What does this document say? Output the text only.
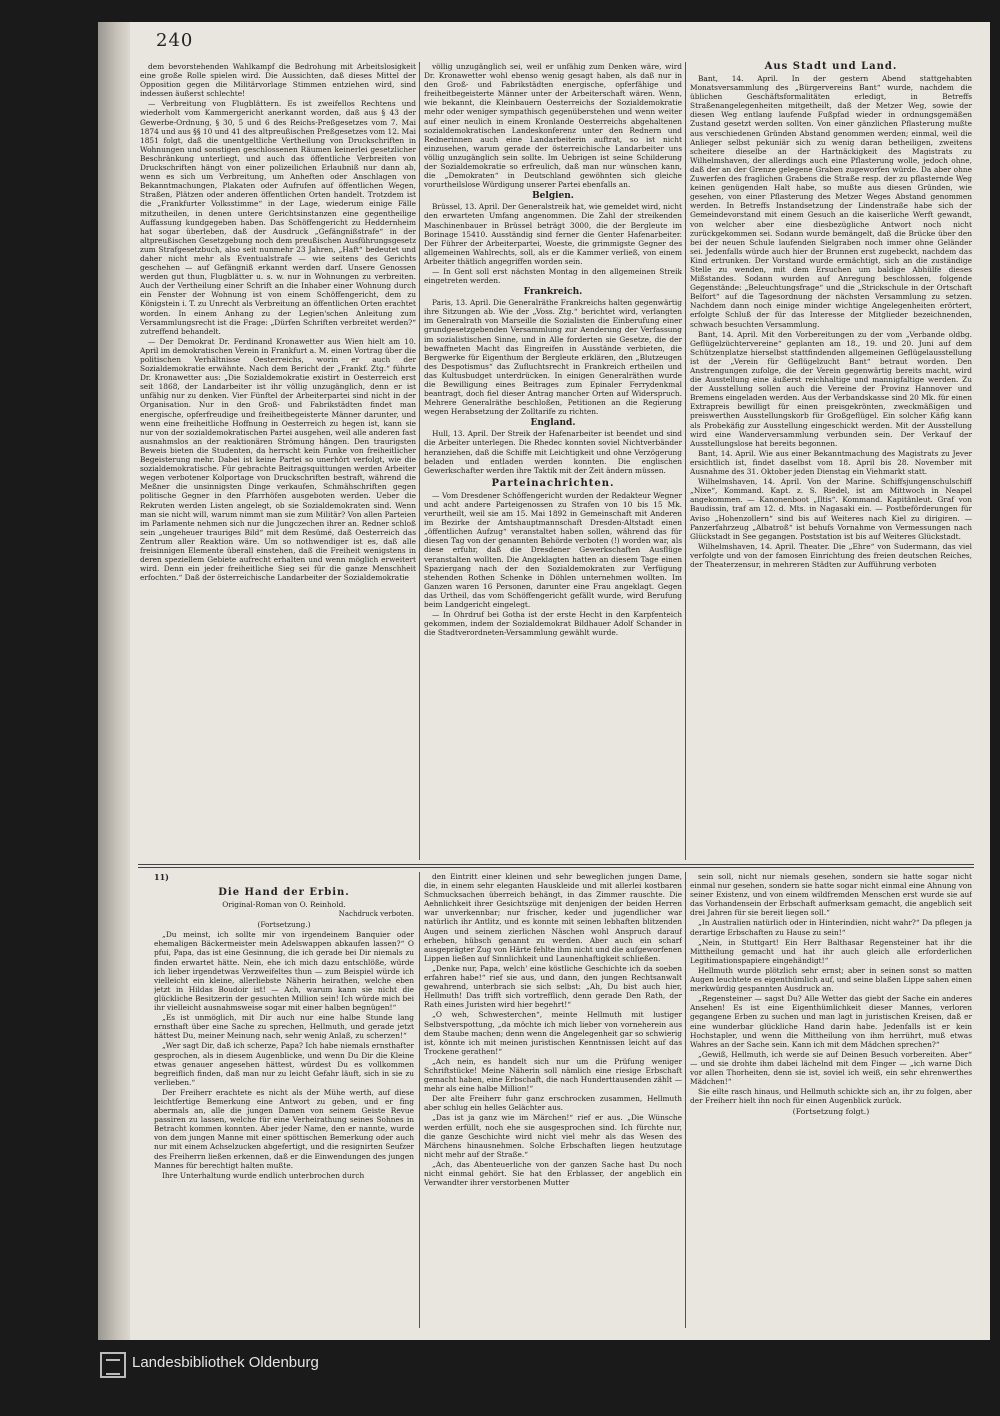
240

dem bevorstehenden Wahlkampf die Bedrohung mit Arbeitslosigkeit eine große Rolle spielen wird. Die Aussichten, daß dieses Mittel der Opposition gegen die Militärvorlage Stimmen entziehen wird, sind indessen äußerst schlechte!

— Verbreitung von Flugblättern. Es ist zweifellos Rechtens und wiederholt vom Kammergericht anerkannt worden, daß aus § 43 der Gewerbe-Ordnung, § 30, 5 und 6 des Reichs-Preßgesetzes vom 7. Mai 1874 und aus §§ 10 und 41 des altpreußischen Preßgesetzes vom 12. Mai 1851 folgt, daß die unentgeltliche Vertheilung von Druckschriften in Wohnungen und sonstigen geschlossenen Räumen keinerlei gesetzlicher Beschränkung unterliegt, und auch das öffentliche Verbreiten von Druckschriften hängt von einer polizeilichen Erlaubniß nur dann ab, wenn es sich um Verbreitung, um Anheften oder Anschlagen von Bekanntmachungen, Plakaten oder Aufrufen auf öffentlichen Wegen, Straßen, Plätzen oder anderen öffentlichen Orten handelt. Trotzdem ist die „Frankfurter Volksstimme“ in der Lage, wiederum einige Fälle mitzutheilen, in denen untere Gerichtsinstanzen eine gegentheilige Auffassung kundgegeben haben. Das Schöffengericht zu Heddernheim hat sogar überleben, daß der Ausdruck „Gefängnißstrafe“ in der altpreußischen Gesetzgebung noch dem preußischen Ausführungsgesetz zum Strafgesetzbuch, also seit nunmehr 23 Jahren, „Haft“ bedeutet und daher nicht mehr als Eventualstrafe — wie seitens des Gerichts geschehen — auf Gefängniß erkannt werden darf. Unsere Genossen werden gut thun, Flugblätter u. s. w. nur in Wohnungen zu verbreiten. Auch der Vertheilung einer Schrift an die Inhaber einer Wohnung durch ein Fenster der Wohnung ist von einem Schöffengericht, dem zu Königstein i. T. zu Unrecht als Verbreitung an öffentlichen Orten erachtet worden. In einem Anhang zu der Legien'schen Anleitung zum Versammlungsrecht ist die Frage: „Dürfen Schriften verbreitet werden?“ zutreffend behandelt.

— Der Demokrat Dr. Ferdinand Kronawetter aus Wien hielt am 10. April im demokratischen Verein in Frankfurt a. M. einen Vortrag über die politischen Verhältnisse Oesterreichs, worin er auch der Sozialdemokratie erwähnte. Nach dem Bericht der „Frankf. Ztg.“ führte Dr. Kronawetter aus: „Die Sozialdemokratie existirt in Oesterreich erst seit 1868, der Landarbeiter ist ihr völlig unzugänglich, denn er ist unfähig nur zu denken. Vier Fünftel der Arbeiterpartei sind nicht in der Organisation. Nur in den Groß- und Fabrikstädten findet man energische, opferfreudige und freiheitbegeisterte Männer darunter, und wenn eine freiheitliche Hoffnung in Oesterreich zu hegen ist, kann sie nur von der sozialdemokratischen Partei ausgehen, weil alle anderen fast ausnahmslos an der reaktionären Strömung hängen. Den traurigsten Beweis bieten die Studenten, da herrscht kein Funke von freiheitlicher Begeisterung mehr. Dabei ist keine Partei so unerhört verfolgt, wie die sozialdemokratische. Für gebrachte Beitragsquittungen werden Arbeiter wegen verbotener Kolportage von Druckschriften bestraft, während die Meßner die unsinnigsten Dinge verkaufen, Schmähschriften gegen politische Gegner in den Pfarrhöfen ausgeboten werden. Ueber die Rekruten werden Listen angelegt, ob sie Sozialdemokraten sind. Wenn man sie nicht will, warum nimmt man sie zum Militär? Von allen Parteien im Parlamente nehmen sich nur die Jungczechen ihrer an. Redner schloß sein „ungeheuer trauriges Bild“ mit dem Resümé, daß Oesterreich das Zentrum aller Reaktion wäre. Um so nothwendiger ist es, daß alle freisinnigen Elemente überall einstehen, daß die Freiheit wenigstens in deren speziellem Gebiete aufrecht erhalten und wenn möglich erweitert wird. Denn ein jeder freiheitliche Sieg sei für die ganze Menschheit erfochten.“ Daß der österreichische Landarbeiter der Sozialdemokratie

völlig unzugänglich sei, weil er unfähig zum Denken wäre, wird Dr. Kronawetter wohl ebenso wenig gesagt haben, als daß nur in den Groß- und Fabrikstädten energische, opferfähige und freiheitbegeisterte Männer unter der Arbeiterschaft wären. Wenn, wie bekannt, die Kleinbauern Oesterreichs der Sozialdemokratie mehr oder weniger sympathisch gegenüberstehen und wenn weiter auf einer neulich in einem Kronlande Oesterreichs abgehaltenen sozialdemokratischen Landeskonferenz unter den Rednern und Rednerinnen auch eine Landarbeiterin auftrat, so ist nicht einzusehen, warum gerade der österreichische Landarbeiter uns völlig unzugänglich sein sollte. Im Uebrigen ist seine Schilderung der Sozialdemokratie so erfreulich, daß man nur wünschen kann, die „Demokraten“ in Deutschland gewöhnten sich gleiche vorurtheilslose Würdigung unserer Partei ebenfalls an.

Belgien.

Brüssel, 13. April. Der Generalstreik hat, wie gemeldet wird, nicht den erwarteten Umfang angenommen. Die Zahl der streikenden Maschinenbauer in Brüssel beträgt 3000, die der Bergleute im Borinage 15410. Ausständig sind ferner die Genter Hafenarbeiter. Der Führer der Arbeiterpartei, Woeste, die grimmigste Gegner des allgemeinen Wahlrechts, soll, als er die Kammer verließ, von einem Arbeiter thätlich angegriffen worden sein.

— In Gent soll erst nächsten Montag in den allgemeinen Streik eingetreten werden.

Frankreich.

Paris, 13. April. Die Generalräthe Frankreichs halten gegenwärtig ihre Sitzungen ab. Wie der „Voss. Ztg.“ berichtet wird, verlangten im Generalrath von Marseille die Sozialisten die Einberufung einer grundgesetzgebenden Versammlung zur Aenderung der Verfassung im sozialistischen Sinne, und in Alle forderten sie Gesetze, die der bewaffneten Macht das Eingreifen in Ausstände verbieten, die Bergwerke für Eigenthum der Bergleute erklären, den „Blutzeugen des Despotismus“ das Zufluchtsrecht in Frankreich ertheilen und das Kultusbudget unterdrücken. In einigen Generalräthen wurde die Bewilligung eines Beitrages zum Epinaler Ferrydenkmal beantragt, doch fiel dieser Antrag mancher Orten auf Widerspruch. Mehrere Generalräthe beschloßen, Petitionen an die Regierung wegen Herabsetzung der Zolltarife zu richten.

England.

Hull, 13. April. Der Streik der Hafenarbeiter ist beendet und sind die Arbeiter unterlegen. Die Rhedec konnten soviel Nichtverbänder heranziehen, daß die Schiffe mit Leichtigkeit und ohne Verzögerung beladen und entladen werden konnten. Die englischen Gewerkschafter werden ihre Taktik mit der Zeit ändern müssen.

Parteinachrichten.

— Vom Dresdener Schöffengericht wurden der Redakteur Wegner und acht andere Parteigenossen zu Strafen von 10 bis 15 Mk. verurtheilt, weil sie am 15. Mai 1892 in Gemeinschaft mit Anderen im Bezirke der Amtshauptmannschaft Dresden-Altstadt einen „öffentlichen Aufzug“ veranstaltet haben sollen, während das für diesen Tag von der genannten Behörde verboten (!) worden war, als diese erfuhr, daß die Dresdener Gewerkschaften Ausflüge veranstalten wollten. Die Angeklagten hatten an diesem Tage einen Spaziergang nach der den Sozialdemokraten zur Verfügung stehenden Rothen Schenke in Döhlen unternehmen wollten. Im Ganzen waren 16 Personen, darunter eine Frau angeklagt. Gegen das Urtheil, das vom Schöffengericht gefällt wurde, wird Berufung beim Landgericht eingelegt.

— In Ohrdruf bei Gotha ist der erste Hecht in den Karpfenteich gekommen, indem der Sozialdemokrat Bildhauer Adolf Schander in die Stadtverordneten-Versammlung gewählt wurde.

Aus Stadt und Land.

Bant, 14. April. In der gestern Abend stattgehabten Monatsversammlung des „Bürgervereins Bant“ wurde, nachdem die üblichen Geschäftsformalitäten erledigt, in Betreffs Straßenangelegenheiten mitgetheilt, daß der Metzer Weg, sowie der diesen Weg entlang laufende Fußpfad wieder in ordnungsgemäßen Zustand gesetzt werden sollten. Von einer gänzlichen Pflasterung mußte aus verschiedenen Gründen Abstand genommen werden; einmal, weil die Anlieger selbst pekuniär sich zu wenig daran betheiligen, zweitens scheitere dieselbe an der Hartnäckigkeit des Magistrats zu Wilhelmshaven, der allerdings auch eine Pflasterung wolle, jedoch ohne, daß der an der Grenze gelegene Graben zugeworfen würde. Da aber ohne Zuwerfen des fraglichen Grabens die Straße resp. der zu pflasternde Weg keinen genügenden Halt habe, so mußte aus diesen Gründen, wie gesehen, von einer Pflasterung des Metzer Weges Abstand genommen werden. In Betreffs Instandsetzung der Lindenstraße habe sich der Gemeindevorstand mit einem Gesuch an die kaiserliche Werft gewandt, von welcher aber eine diesbezügliche Antwort noch nicht zurückgekommen sei. Sodann wurde bemängelt, daß die Brücke über den bei der neuen Schule laufenden Sielgraben noch immer ohne Geländer sei. Jedenfalls würde auch hier der Brunnen erst zugebeckt, nachdem das Kind ertrunken. Der Vorstand wurde ermächtigt, sich an die zuständige Stelle zu wenden, mit dem Ersuchen um baldige Abhülfe dieses Mißstandes. Sodann wurden auf Anregung beschlossen, folgende Gegenstände: „Beleuchtungsfrage“ und die „Strickschule in der Ortschaft Belfort“ auf die Tagesordnung der nächsten Versammlung zu setzen. Nachdem dann noch einige minder wichtige Angelegenheiten erörtert, erfolgte Schluß der für das Interesse der Mitglieder bezeichnenden, schwach besuchten Versammlung.

Bant, 14. April. Mit den Vorbereitungen zu der vom „Verbande oldbg. Geflügelzüchtervereine“ geplanten am 18., 19. und 20. Juni auf dem Schützenplatze hierselbst stattfindenden allgemeinen Geflügelausstellung ist der „Verein für Geflügelzucht Bant“ betraut worden. Den Anstrengungen zufolge, die der Verein gegenwärtig bereits macht, wird die Ausstellung eine äußerst reichhaltige und mannigfaltige werden. Zu der Ausstellung sollen auch die Vereine der Provinz Hannover und Bremens eingeladen werden. Aus der Verbandskasse sind 20 Mk. für einen Extrapreis bewilligt für einen preisgekrönten, zweckmäßigen und preiswerthen Ausstellungskorb für Großgeflügel. Ein solcher Käfig kann als Probekäfig zur Ausstellung eingeschickt werden. Mit der Ausstellung wird eine Wanderversammlung verbunden sein. Der Verkauf der Ausstellungslose hat bereits begonnen.

Bant, 14. April. Wie aus einer Bekanntmachung des Magistrats zu Jever ersichtlich ist, findet daselbst vom 18. April bis 28. November mit Ausnahme des 31. Oktober jeden Dienstag ein Viehmarkt statt.

Wilhelmshaven, 14. April. Von der Marine. Schiffsjungenschulschiff „Nixe“, Kommand. Kapt. z. S. Riedel, ist am Mittwoch in Neapel angekommen. — Kanonenboot „Iltis“. Kommand. Kapitänleut. Graf von Baudissin, traf am 12. d. Mts. in Nagasaki ein. — Postbeförderungen für Aviso „Hohenzollern“ sind bis auf Weiteres nach Kiel zu dirigiren. — Panzerfahrzeug „Albatroß“ ist behufs Vornahme von Vermessungen nach Glückstadt in See gegangen. Poststation ist bis auf Weiteres Glückstadt.

Wilhelmshaven, 14. April. Theater. Die „Ehre“ von Sudermann, das viel verfolgte und von der famosen Einrichtung des freien deutschen Reiches, der Theaterzensur, in mehreren Städten zur Aufführung verboten

11)
Die Hand der Erbin.
Original-Roman von O. Reinhold.
Nachdruck verboten.
(Fortsetzung.)

„Du meinst, ich sollte mir von irgendeinem Banquier oder ehemaligen Bäckermeister mein Adelswappen abkaufen lassen?“ O pfui, Papa, das ist eine Gesinnung, die ich gerade bei Dir niemals zu finden erwartet hätte. Nein, ehe ich mich dazu entschlöße, würde ich lieber irgendetwas Verzweifeltes thun — zum Beispiel würde ich vielleicht ein kleine, allerliebste Näherin heirathen, welche eben jetzt in Hildas Boudoir ist! — Ach, warum kann sie nicht die glückliche Besitzerin der gesuchten Million sein! Ich würde mich bei ihr vielleicht ausnahmsweise sogar mit einer halben begnügen!“

„Es ist unmöglich, mit Dir auch nur eine halbe Stunde lang ernsthaft über eine Sache zu sprechen, Hellmuth, und gerade jetzt hättest Du, meiner Meinung nach, sehr wenig Anlaß, zu scherzen!“

„Wer sagt Dir, daß ich scherze, Papa? Ich habe niemals ernsthafter gesprochen, als in diesem Augenblicke, und wenn Du Dir die Kleine etwas genauer angesehen hättest, würdest Du es vollkommen begreiflich finden, daß man nur zu leicht Gefahr läuft, sich in sie zu verlieben.“

Der Freiherr erachtete es nicht als der Mühe werth, auf diese leichtfertige Bemerkung eine Antwort zu geben, und er fing abermals an, alle die jungen Damen von seinem Geiste Revue passiren zu lassen, welche für eine Verheirathung seines Sohnes in Betracht kommen konnten. Aber jeder Name, den er nannte, wurde von dem jungen Manne mit einer spöttischen Bemerkung oder auch nur mit einem Achselzucken abgefertigt, und die resignirten Seufzer des Freiherrn ließen erkennen, daß er die Einwendungen des jungen Mannes für berechtigt halten mußte.

Ihre Unterhaltung wurde endlich unterbrochen durch

den Eintritt einer kleinen und sehr beweglichen jungen Dame, die, in einem sehr eleganten Hauskleide und mit allerlei kostbaren Schmucksachen überreich behängt, in das Zimmer rauschte. Die Aehnlichkeit ihrer Gesichtszüge mit denjenigen der beiden Herren war unverkennbar; nur frischer, keder und jugendlicher war natürlich ihr Antlitz, und es konnte mit seinen lebhaften blitzenden Augen und seinem zierlichen Näschen wohl Anspruch darauf erheben, hübsch genannt zu werden. Aber auch ein scharf ausgeprägter Zug von Härte fehlte ihm nicht und die aufgeworfenen Lippen ließen auf Sinnlichkeit und Launenhaftigkeit schließen.

„Denke nur, Papa, welch' eine köstliche Geschichte ich da soeben erfahren habe!“ rief sie aus, und dann, den jungen Rechtsanwalt gewahrend, unterbrach sie sich selbst: „Ah, Du bist auch hier, Hellmuth! Das trifft sich vortrefflich, denn gerade Den Rath, der Rath eines Juristen wird hier begehrt!“

„O weh, Schwesterchen“, meinte Hellmuth mit lustiger Selbstverspottung, „da möchte ich mich lieber von vorneherein aus dem Staube machen; denn wenn die Angelegenheit gar so schwierig ist, könnte ich mit meinen juristischen Kenntnissen leicht auf das Trockene gerathen!“

„Ach nein, es handelt sich nur um die Prüfung weniger Schriftstücke! Meine Näherin soll nämlich eine riesige Erbschaft gemacht haben, eine Erbschaft, die nach Hunderttausenden zählt — mehr als eine halbe Million!“

Der alte Freiherr fuhr ganz erschrocken zusammen, Hellmuth aber schlug ein helles Gelächter aus.

„Das ist ja ganz wie im Märchen!“ rief er aus. „Die Wünsche werden erfüllt, noch ehe sie ausgesprochen sind. Ich fürchte nur, die ganze Geschichte wird nicht viel mehr als das Wesen des Märchens hinausnehmen. Solche Erbschaften liegen heutzutage nicht mehr auf der Straße.“

„Ach, das Abenteuerliche von der ganzen Sache hast Du noch nicht einmal gehört. Sie hat den Erblasser, der angeblich ein Verwandter ihrer verstorbenen Mutter

sein soll, nicht nur niemals gesehen, sondern sie hatte sogar nicht einmal nur gesehen, sondern sie hatte sogar nicht einmal eine Ahnung von seiner Existenz, und von einem wildfremden Menschen erst wurde sie auf das Vorhandensein der Erbschaft aufmerksam gemacht, die angeblich seit drei Jahren für sie bereit liegen soll.“

„In Australien natürlich oder in Hinterindien, nicht wahr?“ Da pflegen ja derartige Erbschaften zu Hause zu sein!“

„Nein, in Stuttgart! Ein Herr Balthasar Regensteiner hat ihr die Mittheilung gemacht und hat ihr auch gleich alle erforderlichen Legitimationspapiere eingehändigt!“

Hellmuth wurde plötzlich sehr ernst; aber in seinen sonst so matten Augen leuchtete es eigenthümlich auf, und seine blaßen Lippe sahen einen merkwürdig gespannten Ausdruck an.

„Regensteiner — sagst Du? Alle Wetter das giebt der Sache ein anderes Ansehen! Es ist eine Eigenthümlichkeit dieser Mannes, verloren gegangene Erben zu suchen und man lagt in juristischen Kreisen, daß er eine wunderbar glückliche Hand darin habe. Jedenfalls ist er kein Hochstapler, und wenn die Mittheilung von ihm herrührt, muß etwas Wahres an der Sache sein. Kann ich mit dem Mädchen sprechen?“

„Gewiß, Hellmuth, ich werde sie auf Deinen Besuch vorbereiten. Aber“ — und sie drohte ihm dabei lächelnd mit dem Finger — „ich warne Dich vor allen Thorheiten, denn sie ist, soviel ich weiß, ein sehr ehrenwerthes Mädchen!“

Sie eilte rasch hinaus, und Hellmuth schickte sich an, ihr zu folgen, aber der Freiherr hielt ihn noch für einen Augenblick zurück.

(Fortsetzung folgt.)
Landesbibliothek Oldenburg
